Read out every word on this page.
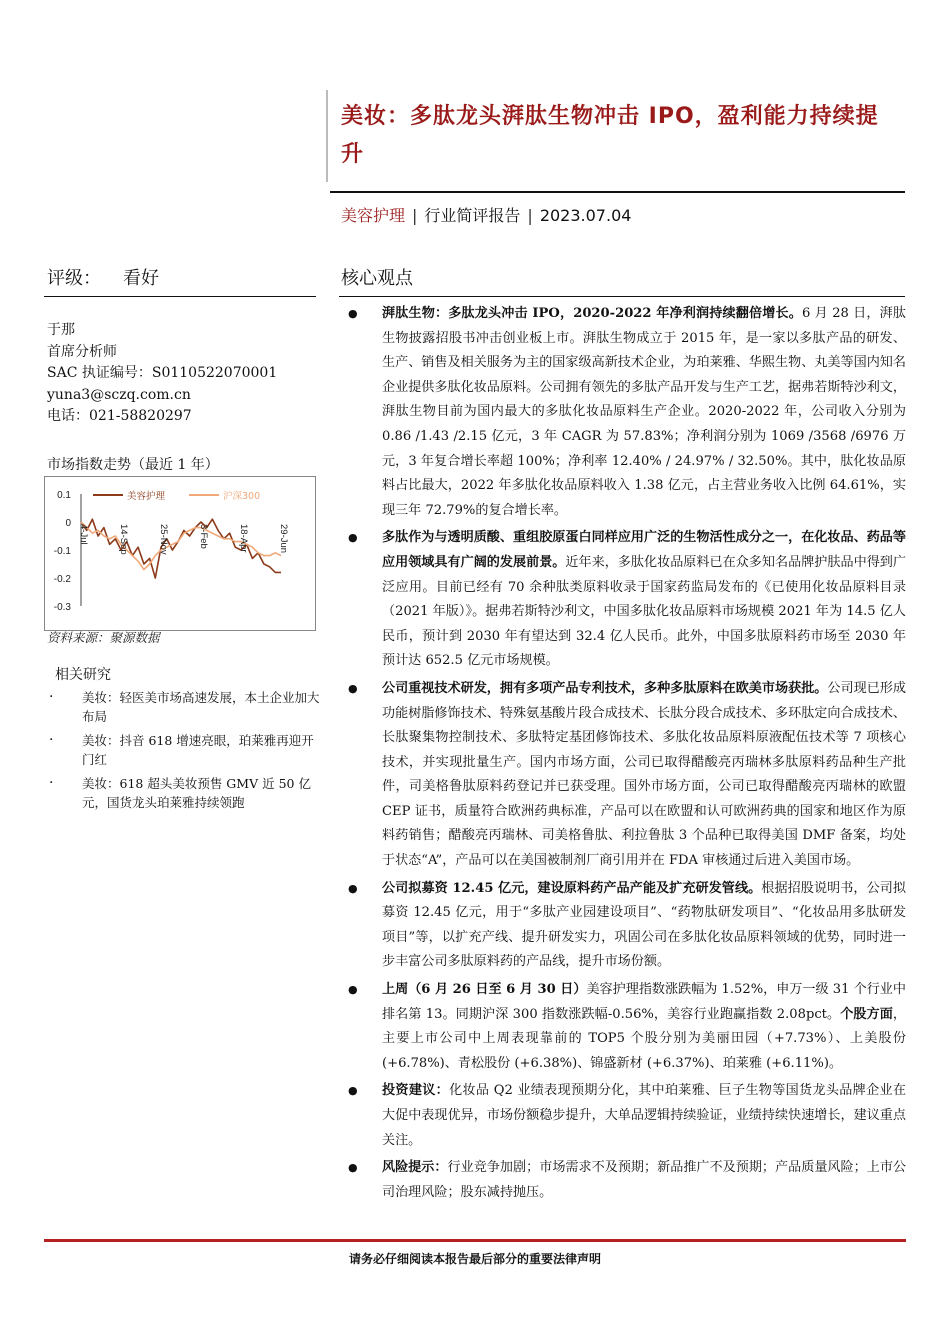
美妆：多肽龙头湃肽生物冲击 IPO，盈利能力持续提升
美容护理 | 行业简评报告 | 2023.07.04
评级： 看好	核心观点
于那
首席分析师
SAC 执证编号：S0110522070001
yuna3@sczq.com.cn
电话：021-58820297
市场指数走势（最近 1 年）
0.1
0
-0.1
-0.2
-0.3
4-Jul	14-Sep	25-Nov	3-Feb	18-Apr	29-Jun
美容护理	沪深300
资料来源：聚源数据
相关研究
· 美妆：轻医美市场高速发展，本土企业加大布局
· 美妆：抖音 618 增速亮眼，珀莱雅再迎开门红
· 美妆：618 超头美妆预售 GMV 近 50 亿元，国货龙头珀莱雅持续领跑
● 湃肽生物：多肽龙头冲击 IPO，2020-2022 年净利润持续翻倍增长。6 月 28 日，湃肽生物披露招股书冲击创业板上市。湃肽生物成立于 2015 年，是一家以多肽产品的研发、生产、销售及相关服务为主的国家级高新技术企业，为珀莱雅、华熙生物、丸美等国内知名企业提供多肽化妆品原料。公司拥有领先的多肽产品开发与生产工艺，据弗若斯特沙利文，湃肽生物目前为国内最大的多肽化妆品原料生产企业。2020-2022 年，公司收入分别为 0.86 /1.43 /2.15 亿元，3 年 CAGR 为 57.83%；净利润分别为 1069 /3568 /6976 万元，3 年复合增长率超 100%；净利率 12.40% / 24.97% / 32.50%。其中，肽化妆品原料占比最大，2022 年多肽化妆品原料收入 1.38 亿元，占主营业务收入比例 64.61%，实现三年 72.79%的复合增长率。
● 多肽作为与透明质酸、重组胶原蛋白同样应用广泛的生物活性成分之一，在化妆品、药品等应用领域具有广阔的发展前景。近年来，多肽化妆品原料已在众多知名品牌护肤品中得到广泛应用。目前已经有 70 余种肽类原料收录于国家药监局发布的《已使用化妆品原料目录（2021 年版）》。据弗若斯特沙利文，中国多肽化妆品原料市场规模 2021 年为 14.5 亿人民币，预计到 2030 年有望达到 32.4 亿人民币。此外，中国多肽原料药市场至 2030 年预计达 652.5 亿元市场规模。
● 公司重视技术研发，拥有多项产品专利技术，多种多肽原料在欧美市场获批。公司现已形成功能树脂修饰技术、特殊氨基酸片段合成技术、长肽分段合成技术、多环肽定向合成技术、长肽聚集物控制技术、多肽特定基团修饰技术、多肽化妆品原料原液配伍技术等 7 项核心技术，并实现批量生产。国内市场方面，公司已取得醋酸亮丙瑞林多肽原料药品种生产批件，司美格鲁肽原料药登记并已获受理。国外市场方面，公司已取得醋酸亮丙瑞林的欧盟 CEP 证书，质量符合欧洲药典标准，产品可以在欧盟和认可欧洲药典的国家和地区作为原料药销售；醋酸亮丙瑞林、司美格鲁肽、利拉鲁肽 3 个品种已取得美国 DMF 备案，均处于状态“A”，产品可以在美国被制剂厂商引用并在 FDA 审核通过后进入美国市场。
● 公司拟募资 12.45 亿元，建设原料药产品产能及扩充研发管线。根据招股说明书，公司拟募资 12.45 亿元，用于“多肽产业园建设项目”、“药物肽研发项目”、“化妆品用多肽研发项目”等，以扩充产线、提升研发实力，巩固公司在多肽化妆品原料领域的优势，同时进一步丰富公司多肽原料药的产品线，提升市场份额。
● 上周（6 月 26 日至 6 月 30 日）美容护理指数涨跌幅为 1.52%，申万一级 31 个行业中排名第 13。同期沪深 300 指数涨跌幅-0.56%，美容行业跑赢指数 2.08pct。个股方面，主要上市公司中上周表现靠前的 TOP5 个股分别为美丽田园（+7.73%）、上美股份 (+6.78%)、青松股份 (+6.38%)、锦盛新材 (+6.37%)、珀莱雅 (+6.11%)。
● 投资建议：化妆品 Q2 业绩表现预期分化，其中珀莱雅、巨子生物等国货龙头品牌企业在大促中表现优异，市场份额稳步提升，大单品逻辑持续验证，业绩持续快速增长，建议重点关注。
● 风险提示：行业竞争加剧；市场需求不及预期；新品推广不及预期；产品质量风险；上市公司治理风险；股东减持抛压。
请务必仔细阅读本报告最后部分的重要法律声明
